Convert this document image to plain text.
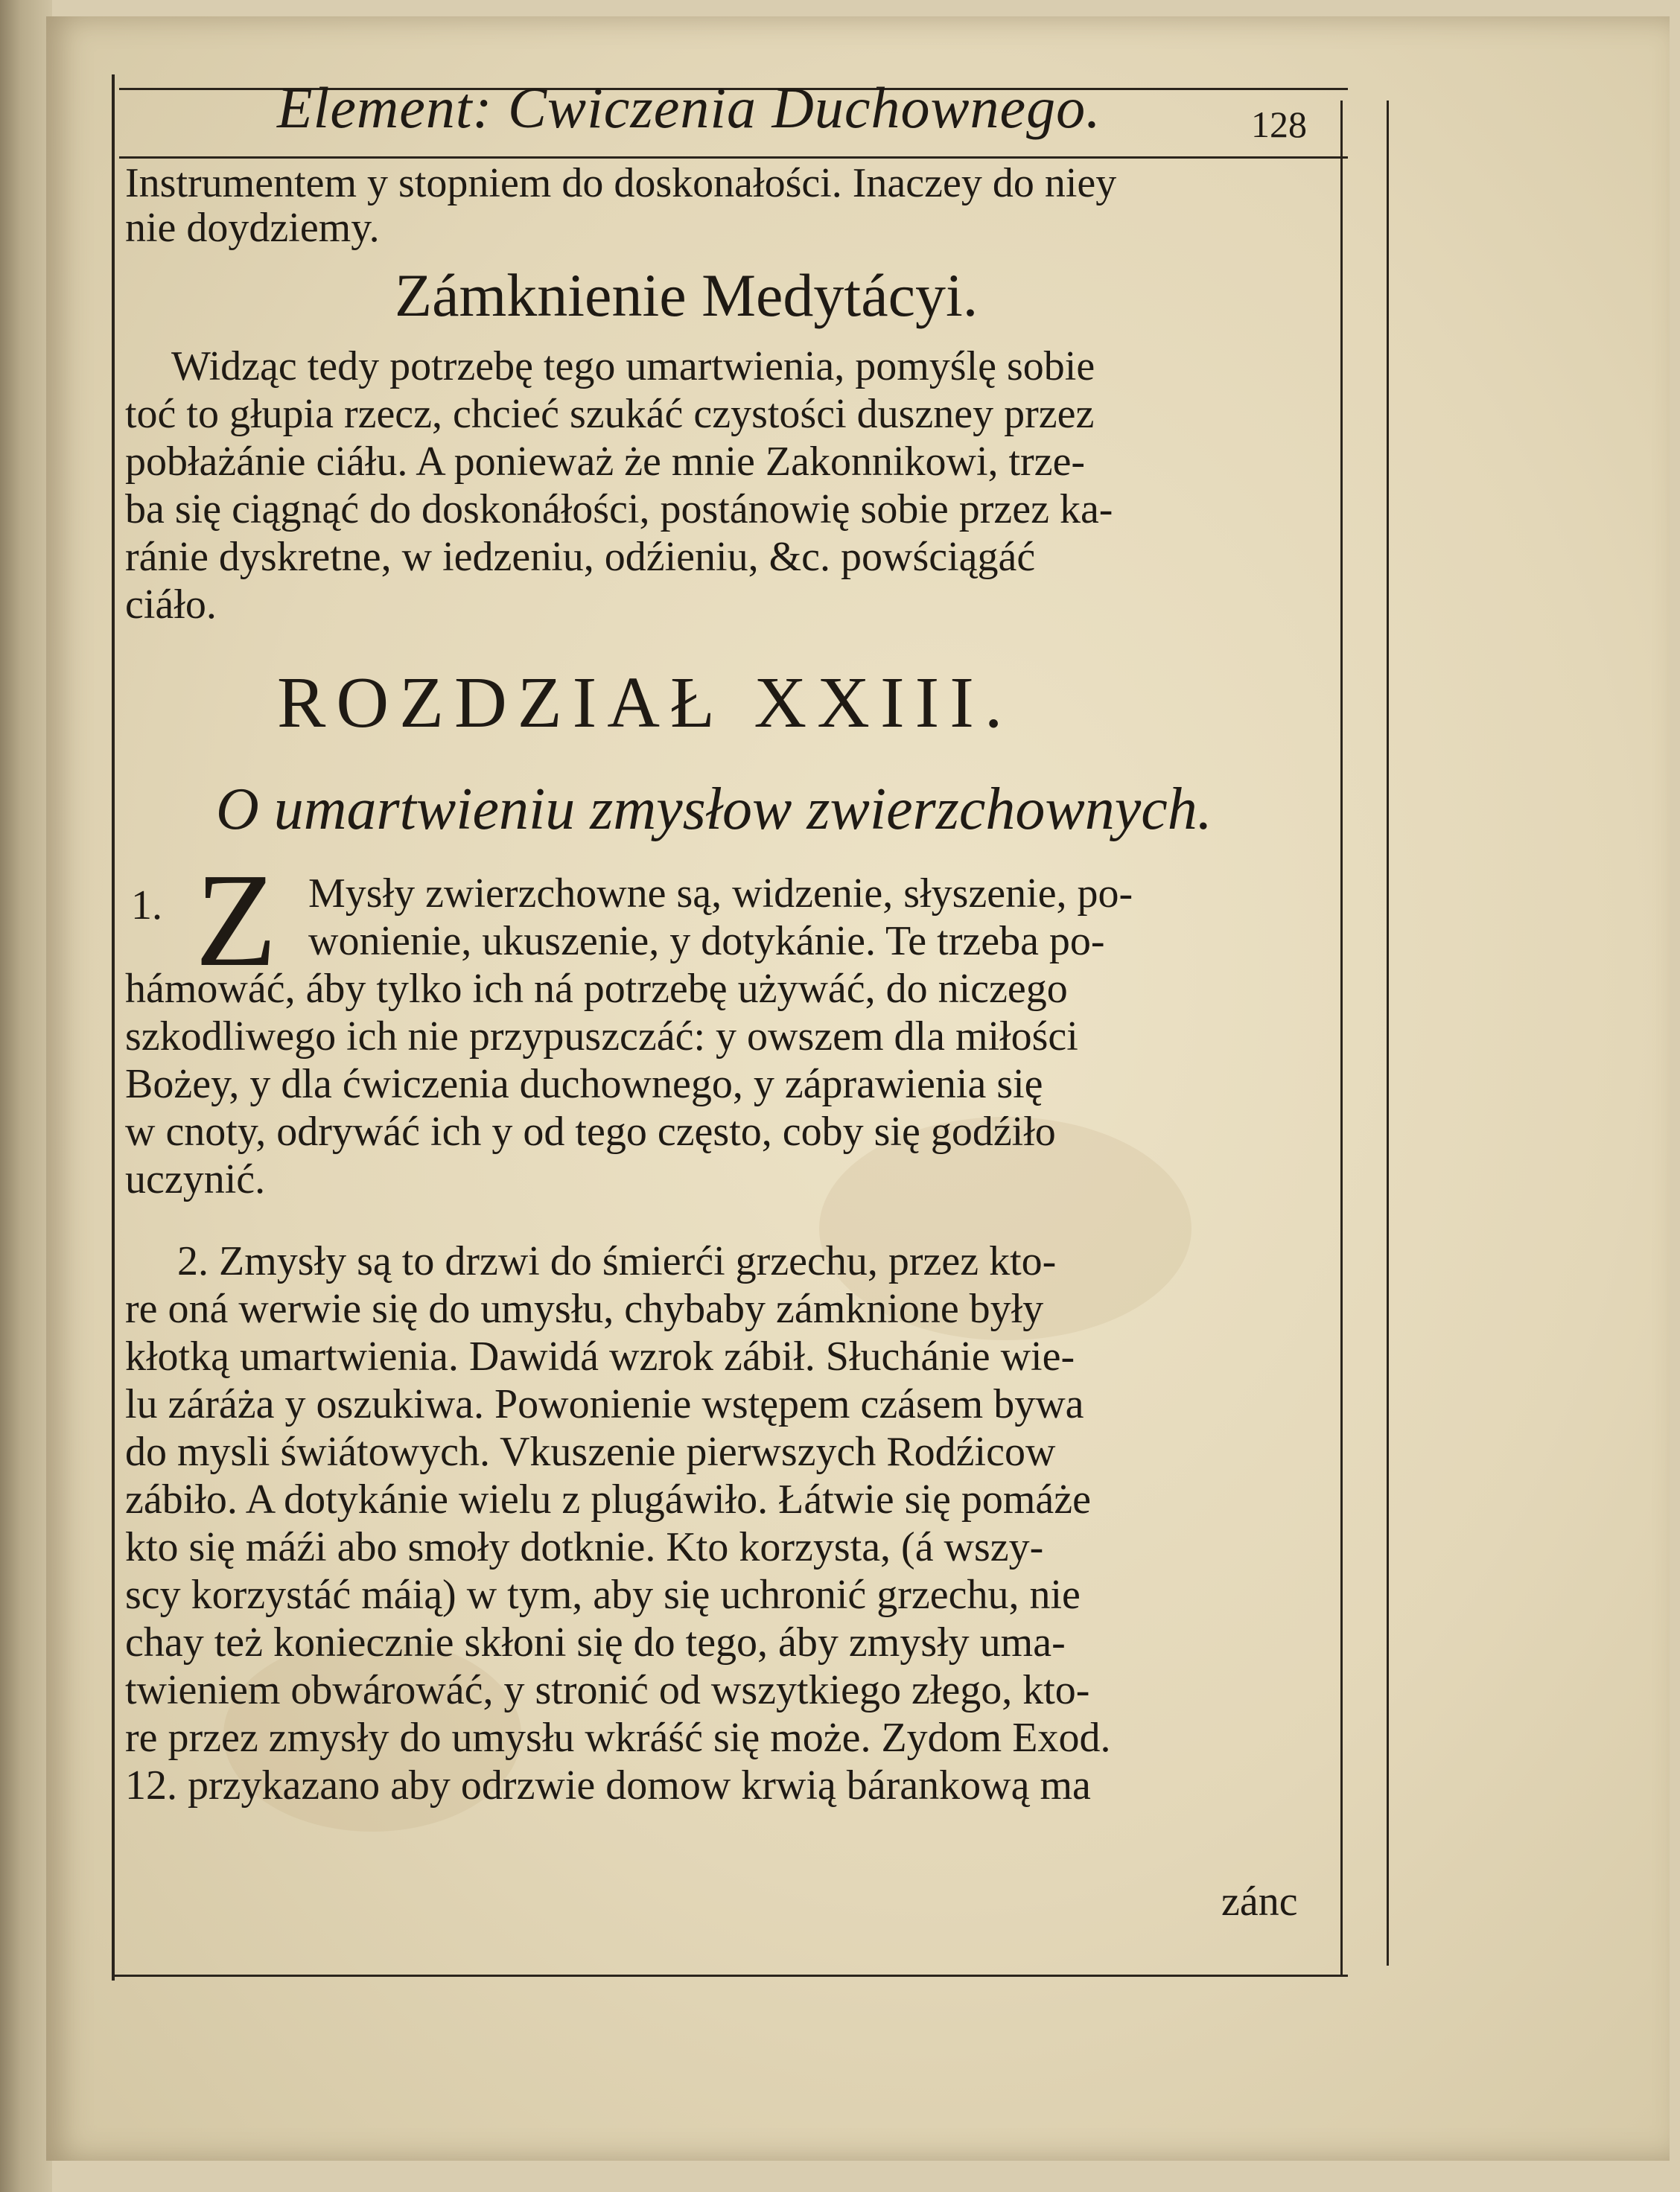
Element: Cwiczenia Duchownego.	128
Instrumentem y stopniem do doskonałości. Inaczey do niey
nie doydziemy.
Zámknienie Medytácyi.
Widząc tedy potrzebę tego umartwienia, pomyślę sobie
toć to głupia rzecz, chcieć szukáć czystości duszney przez
pobłażánie ciáłu. A ponieważ że mnie Zakonnikowi, trze-
ba się ciągnąć do doskonáłości, postánowię sobie przez ka-
ránie dyskretne, w iedzeniu, odźieniu, &c. powściągáć
ciáło.
ROZDZIAŁ XXIII.
O umartwieniu zmysłow zwierzchownych.
1. Z Mysły zwierzchowne są, widzenie, słyszenie, po-
wonienie, ukuszenie, y dotykánie. Te trzeba po-
hámowáć, áby tylko ich ná potrzebę używáć, do niczego
szkodliwego ich nie przypuszczáć: y owszem dla miłości
Bożey, y dla ćwiczenia duchownego, y záprawienia się
w cnoty, odrywáć ich y od tego często, coby się godźiło
uczynić.
2. Zmysły są to drzwi do śmierći grzechu, przez kto-
re oná werwie się do umysłu, chybaby zámknione były
kłotką umartwienia. Dawidá wzrok zábił. Słuchánie wie-
lu záráża y oszukiwa. Powonienie wstępem czásem bywa
do mysli świátowych. Vkuszenie pierwszych Rodźicow
zábiło. A dotykánie wielu z plugáwiło. Łátwie się pomáże
kto się máźi abo smoły dotknie. Kto korzysta, (á wszy-
scy korzystáć máią) w tym, aby się uchronić grzechu, nie
chay też koniecznie skłoni się do tego, áby zmysły uma-
twieniem obwárowáć, y stronić od wszytkiego złego, kto-
re przez zmysły do umysłu wkráść się może. Zydom Exod.
12. przykazano aby odrzwie domow krwią bárankową ma
zánc
